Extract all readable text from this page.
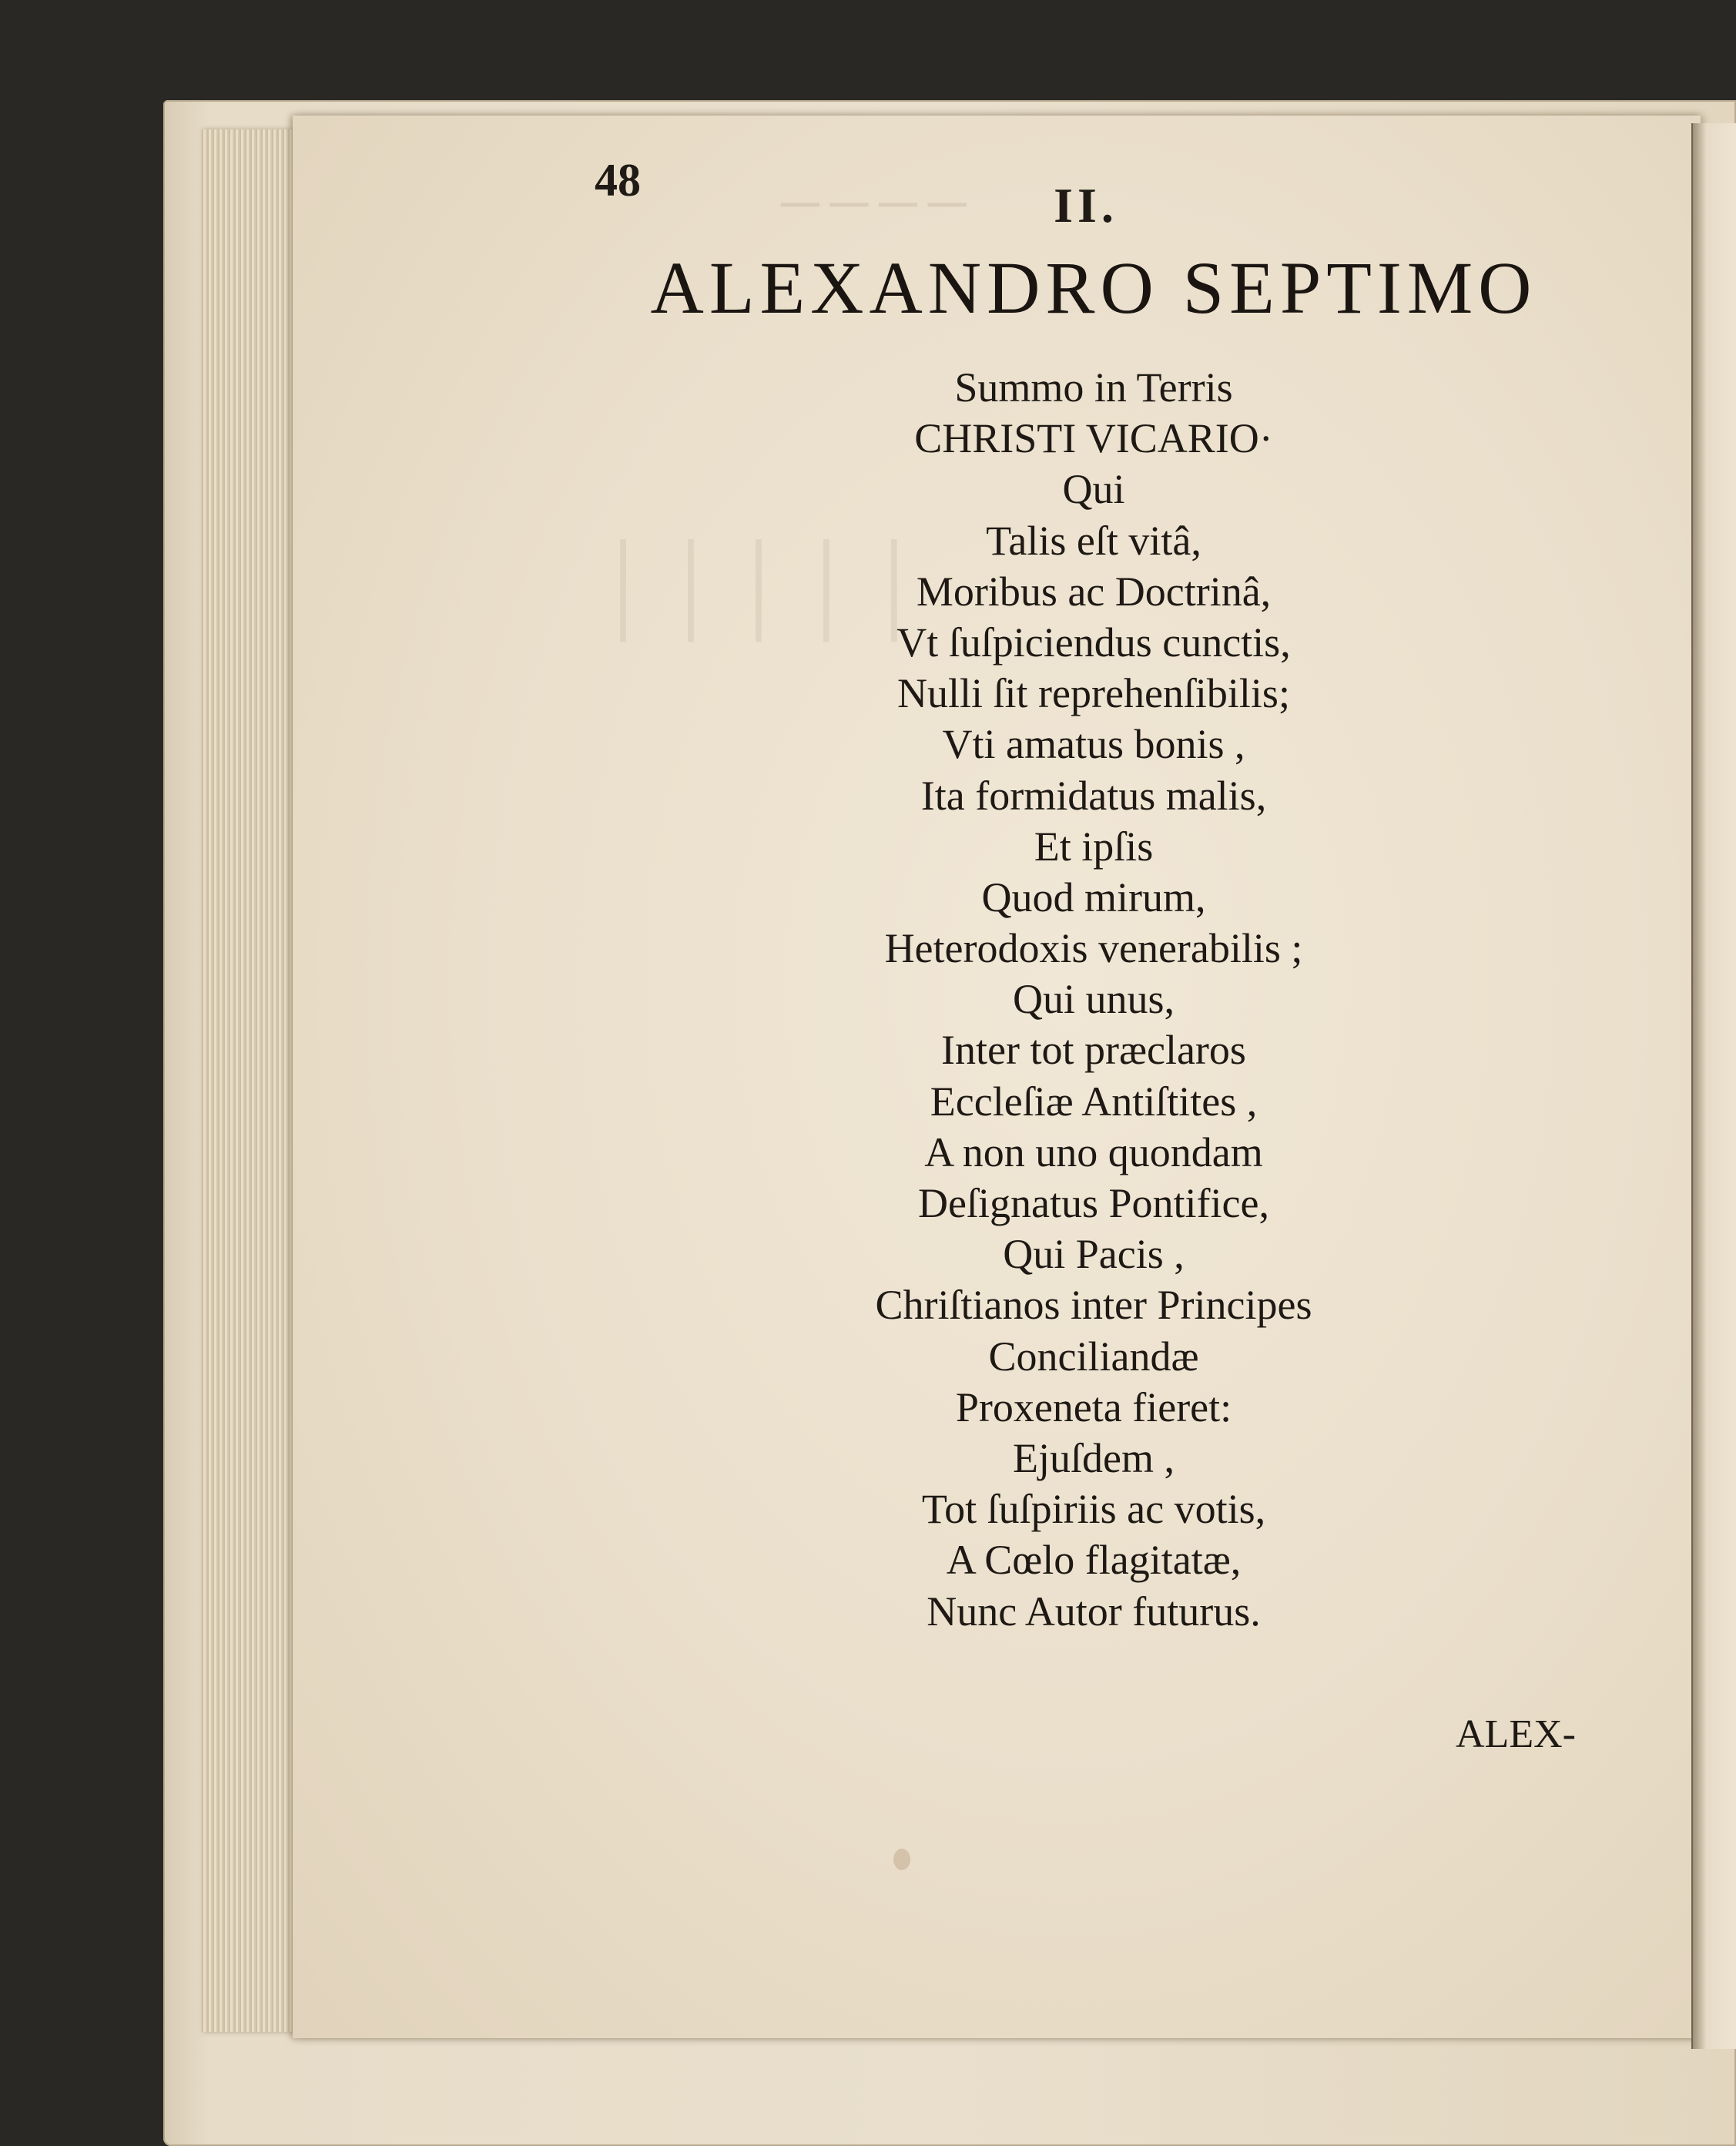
​────
│││││
48	II.
ALEXANDRO SEPTIMO
Summo in Terris
CHRISTI VICARIO·
Qui
Talis eſt vitâ,
Moribus ac Doctrinâ,
Vt ſuſpiciendus cunctis,
Nulli ſit reprehenſibilis;
Vti amatus bonis ,
Ita formidatus malis,
Et ipſis
Quod mirum,
Heterodoxis venerabilis ;
Qui unus,
Inter tot præclaros
Eccleſiæ Antiſtites ,
A non uno quondam
Deſignatus Pontifice,
Qui Pacis ,
Chriſtianos inter Principes
Conciliandæ
Proxeneta fieret:
Ejuſdem ,
Tot ſuſpiriis ac votis,
A Cœlo flagitatæ,
Nunc Autor futurus.

ALEX-
